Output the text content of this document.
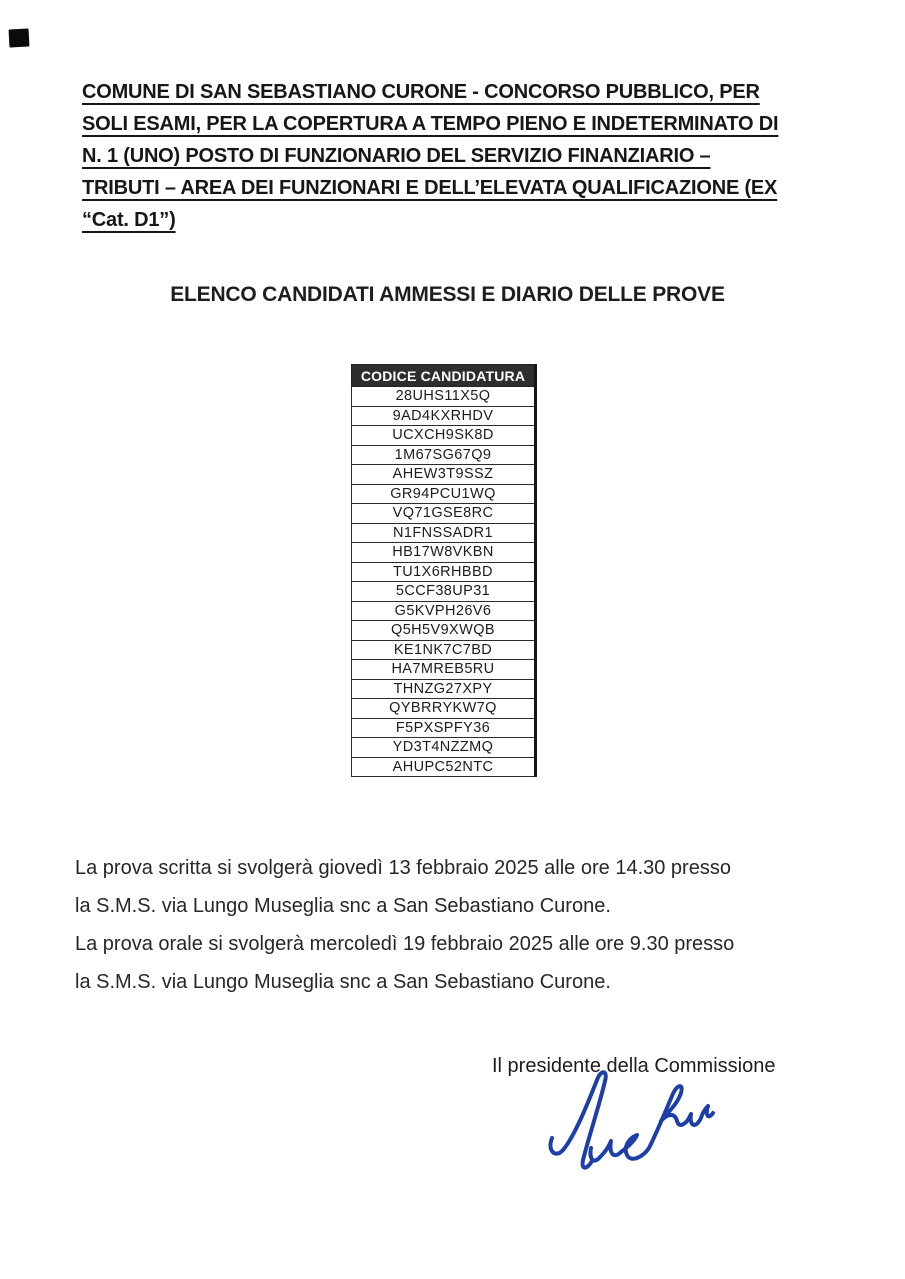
COMUNE DI SAN SEBASTIANO CURONE - CONCORSO PUBBLICO, PER
SOLI ESAMI, PER LA COPERTURA A TEMPO PIENO E INDETERMINATO DI
N. 1 (UNO) POSTO DI FUNZIONARIO DEL SERVIZIO FINANZIARIO –
TRIBUTI – AREA DEI FUNZIONARI E DELL’ELEVATA QUALIFICAZIONE (EX
“Cat. D1”)
ELENCO CANDIDATI AMMESSI E DIARIO DELLE PROVE
CODICE CANDIDATURA
28UHS11X5Q
9AD4KXRHDV
UCXCH9SK8D
1M67SG67Q9
AHEW3T9SSZ
GR94PCU1WQ
VQ71GSE8RC
N1FNSSADR1
HB17W8VKBN
TU1X6RHBBD
5CCF38UP31
G5KVPH26V6
Q5H5V9XWQB
KE1NK7C7BD
HA7MREB5RU
THNZG27XPY
QYBRRYKW7Q
F5PXSPFY36
YD3T4NZZMQ
AHUPC52NTC
La prova scritta si svolgerà giovedì 13 febbraio 2025 alle ore 14.30 presso
la S.M.S. via Lungo Museglia snc a San Sebastiano Curone.
La prova orale si svolgerà mercoledì 19 febbraio 2025 alle ore 9.30 presso
la S.M.S. via Lungo Museglia snc a San Sebastiano Curone.
Il presidente della Commissione
